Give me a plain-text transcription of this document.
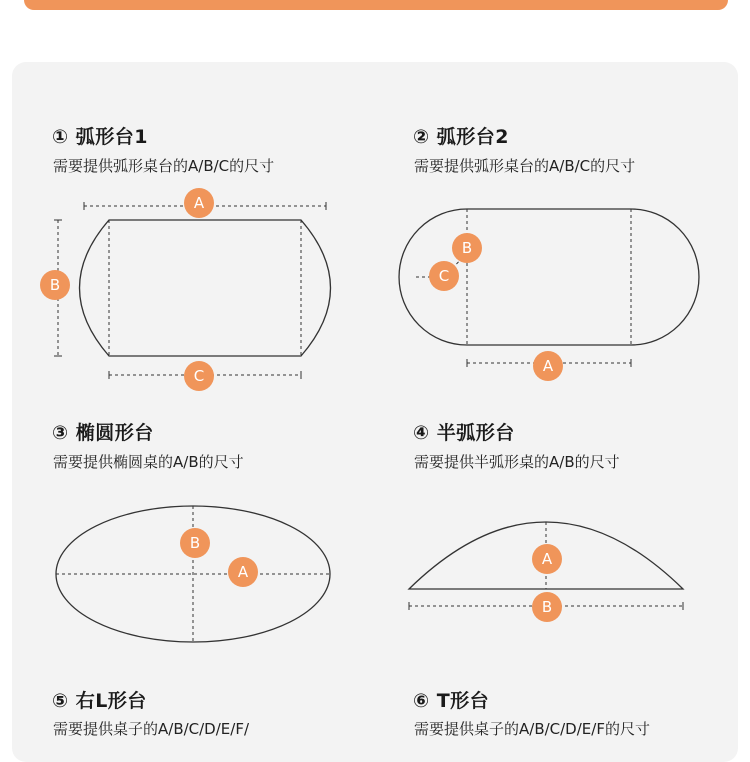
① 弧形台1
需要提供弧形桌台的A/B/C的尺寸
② 弧形台2
需要提供弧形桌台的A/B/C的尺寸
③ 椭圆形台
需要提供椭圆桌的A/B的尺寸
④ 半弧形台
需要提供半弧形桌的A/B的尺寸
⑤ 右L形台
需要提供桌子的A/B/C/D/E/F/
⑥ T形台
需要提供桌子的A/B/C/D/E/F的尺寸
A
B
C
B
C
A
B
A
A
B
